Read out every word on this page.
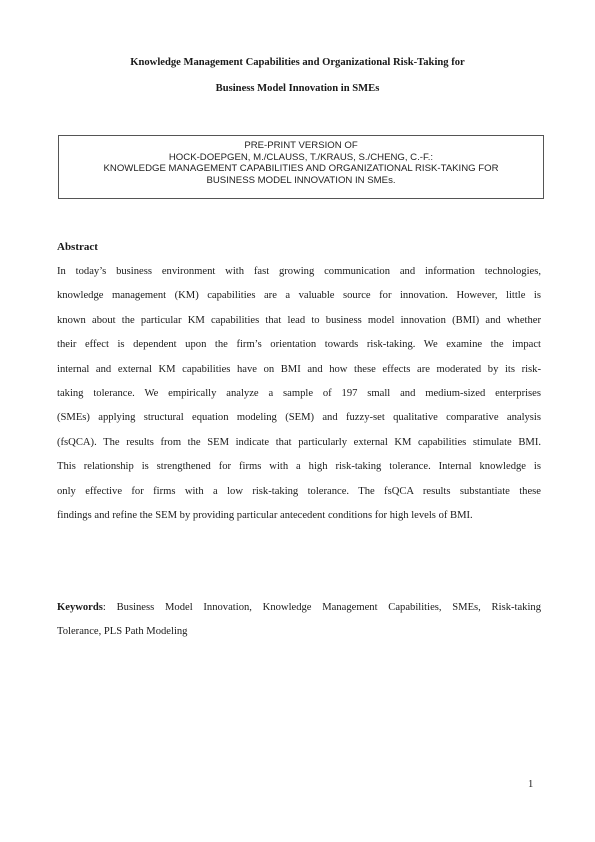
Knowledge Management Capabilities and Organizational Risk-Taking for
Business Model Innovation in SMEs
PRE-PRINT VERSION OF
HOCK-DOEPGEN, M./CLAUSS, T./KRAUS, S./CHENG, C.-F.:
KNOWLEDGE MANAGEMENT CAPABILITIES AND ORGANIZATIONAL RISK-TAKING FOR
BUSINESS MODEL INNOVATION IN SMEs.
Abstract
In today’s business environment with fast growing communication and information technologies,
knowledge management (KM) capabilities are a valuable source for innovation. However, little is
known about the particular KM capabilities that lead to business model innovation (BMI) and whether
their effect is dependent upon the firm’s orientation towards risk-taking. We examine the impact
internal and external KM capabilities have on BMI and how these effects are moderated by its risk-
taking tolerance. We empirically analyze a sample of 197 small and medium-sized enterprises
(SMEs) applying structural equation modeling (SEM) and fuzzy-set qualitative comparative analysis
(fsQCA). The results from the SEM indicate that particularly external KM capabilities stimulate BMI.
This relationship is strengthened for firms with a high risk-taking tolerance. Internal knowledge is
only effective for firms with a low risk-taking tolerance. The fsQCA results substantiate these
findings and refine the SEM by providing particular antecedent conditions for high levels of BMI.
Keywords: Business Model Innovation, Knowledge Management Capabilities, SMEs, Risk-taking
Tolerance, PLS Path Modeling
1
